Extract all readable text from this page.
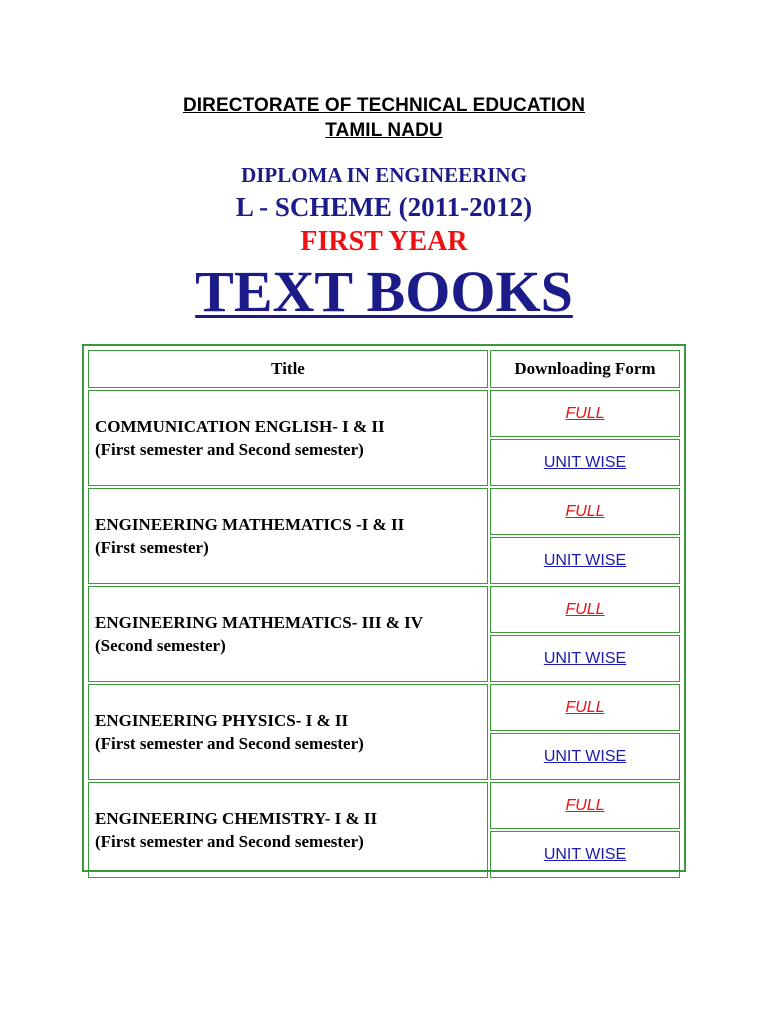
DIRECTORATE OF TECHNICAL EDUCATION
TAMIL NADU
DIPLOMA IN ENGINEERING
L - SCHEME (2011-2012)
FIRST YEAR
TEXT BOOKS
Title	Downloading Form

COMMUNICATION ENGLISH- I & II
(First semester and Second semester)	FULL
	UNIT WISE

ENGINEERING MATHEMATICS -I & II
(First semester)	FULL
	UNIT WISE

ENGINEERING MATHEMATICS- III & IV
(Second semester)	FULL
	UNIT WISE

ENGINEERING PHYSICS- I & II
(First semester and Second semester)	FULL
	UNIT WISE

ENGINEERING CHEMISTRY- I & II
(First semester and Second semester)	FULL
	UNIT WISE
